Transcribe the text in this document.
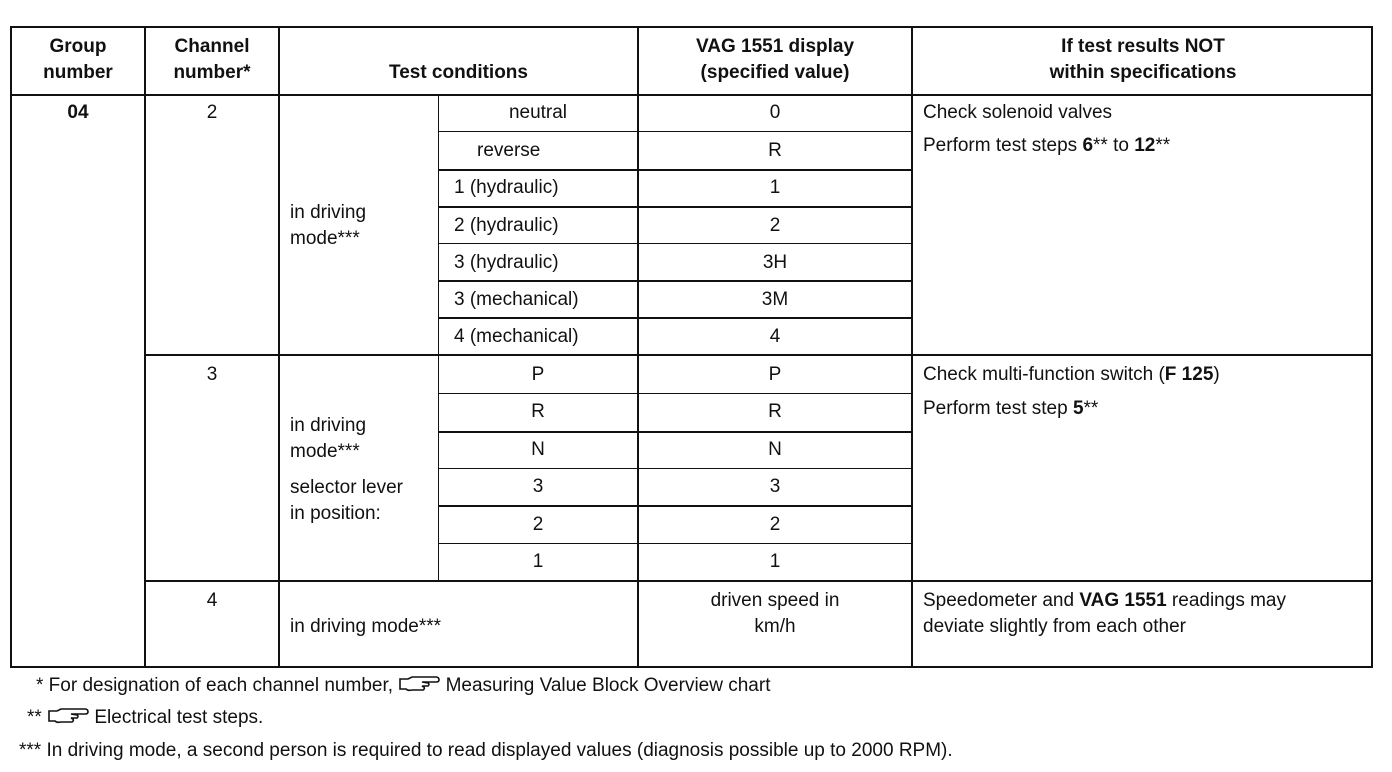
Group
number
Channel
number*	Test conditions
VAG 1551 display
(specified value)
If test results NOT
within specifications
04	2
in driving
mode***
neutral
reverse
1 (hydraulic)
2 (hydraulic)
3 (hydraulic)
3 (mechanical)
4 (mechanical)
0
R
1
2
3H
3M
4
Check solenoid valves
Perform test steps 6** to 12**
3
in driving
mode***
selector lever
in position:
P
R
N
3
2
1
P
R
N
3
2
1
Check multi-function switch (F 125)
Perform test step 5**
4
in driving mode***
driven speed in
km/h
Speedometer and VAG 1551 readings may
deviate slightly from each other
* For designation of each channel number,  Measuring Value Block Overview chart
**  Electrical test steps.
*** In driving mode, a second person is required to read displayed values (diagnosis possible up to 2000 RPM).
